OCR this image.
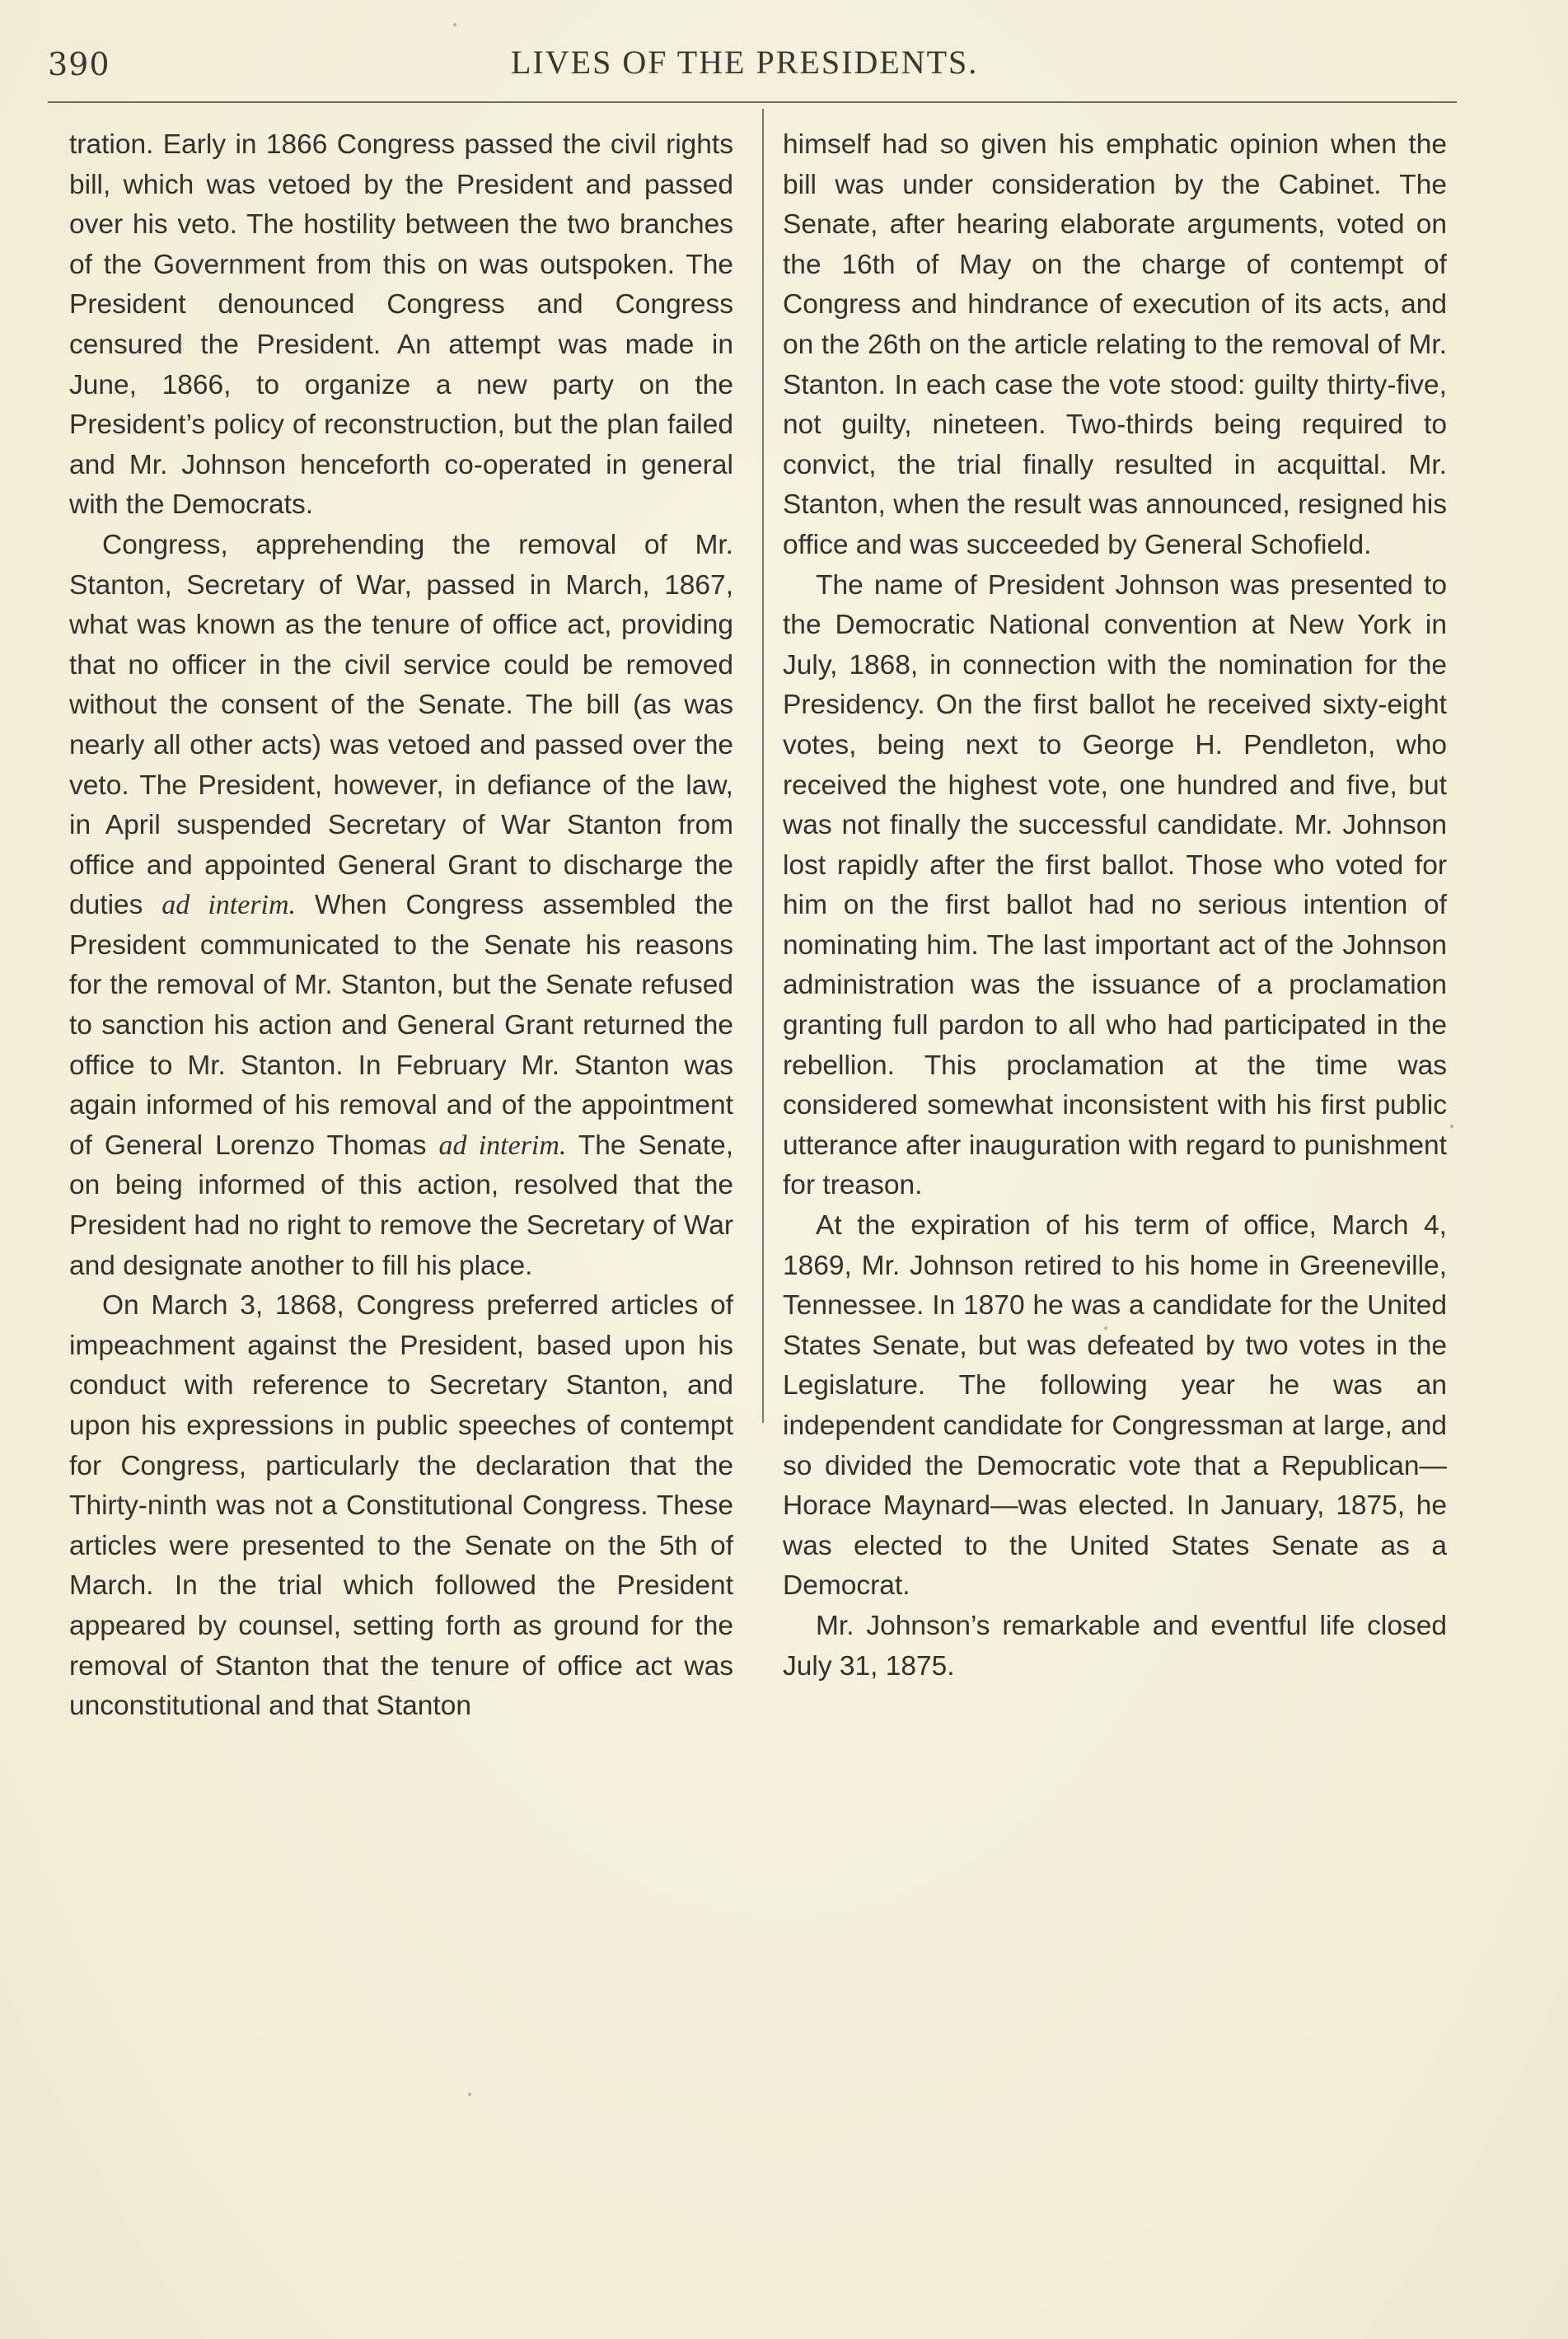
390	LIVES OF THE PRESIDENTS.

tration. Early in 1866 Congress passed the civil rights bill, which was vetoed by the President and passed over his veto. The hostility between the two branches of the Government from this on was outspoken. The President denounced Congress and Congress censured the President. An attempt was made in June, 1866, to organize a new party on the President’s policy of reconstruction, but the plan failed and Mr. Johnson henceforth co-operated in general with the Democrats.

Congress, apprehending the removal of Mr. Stanton, Secretary of War, passed in March, 1867, what was known as the tenure of office act, providing that no officer in the civil service could be removed without the consent of the Senate. The bill (as was nearly all other acts) was vetoed and passed over the veto. The President, however, in defiance of the law, in April suspended Secretary of War Stanton from office and appointed General Grant to discharge the duties ad interim. When Congress assembled the President communicated to the Senate his reasons for the removal of Mr. Stanton, but the Senate refused to sanction his action and General Grant returned the office to Mr. Stanton. In February Mr. Stanton was again informed of his removal and of the appointment of General Lorenzo Thomas ad interim. The Senate, on being informed of this action, resolved that the President had no right to remove the Secretary of War and designate another to fill his place.

On March 3, 1868, Congress preferred articles of impeachment against the President, based upon his conduct with reference to Secretary Stanton, and upon his expressions in public speeches of contempt for Congress, particularly the declaration that the Thirty-ninth was not a Constitutional Congress. These articles were presented to the Senate on the 5th of March. In the trial which followed the President appeared by counsel, setting forth as ground for the removal of Stanton that the tenure of office act was unconstitutional and that Stanton

himself had so given his emphatic opinion when the bill was under consideration by the Cabinet. The Senate, after hearing elaborate arguments, voted on the 16th of May on the charge of contempt of Congress and hindrance of execution of its acts, and on the 26th on the article relating to the removal of Mr. Stanton. In each case the vote stood: guilty thirty-five, not guilty, nineteen. Two-thirds being required to convict, the trial finally resulted in acquittal. Mr. Stanton, when the result was announced, resigned his office and was succeeded by General Schofield.

The name of President Johnson was presented to the Democratic National convention at New York in July, 1868, in connection with the nomination for the Presidency. On the first ballot he received sixty-eight votes, being next to George H. Pendleton, who received the highest vote, one hundred and five, but was not finally the successful candidate. Mr. Johnson lost rapidly after the first ballot. Those who voted for him on the first ballot had no serious intention of nominating him. The last important act of the Johnson administration was the issuance of a proclamation granting full pardon to all who had participated in the rebellion. This proclamation at the time was considered somewhat inconsistent with his first public utterance after inauguration with regard to punishment for treason.

At the expiration of his term of office, March 4, 1869, Mr. Johnson retired to his home in Greeneville, Tennessee. In 1870 he was a candidate for the United States Senate, but was defeated by two votes in the Legislature. The following year he was an independent candidate for Congressman at large, and so divided the Democratic vote that a Republican—Horace Maynard—was elected. In January, 1875, he was elected to the United States Senate as a Democrat.

Mr. Johnson’s remarkable and eventful life closed July 31, 1875.
